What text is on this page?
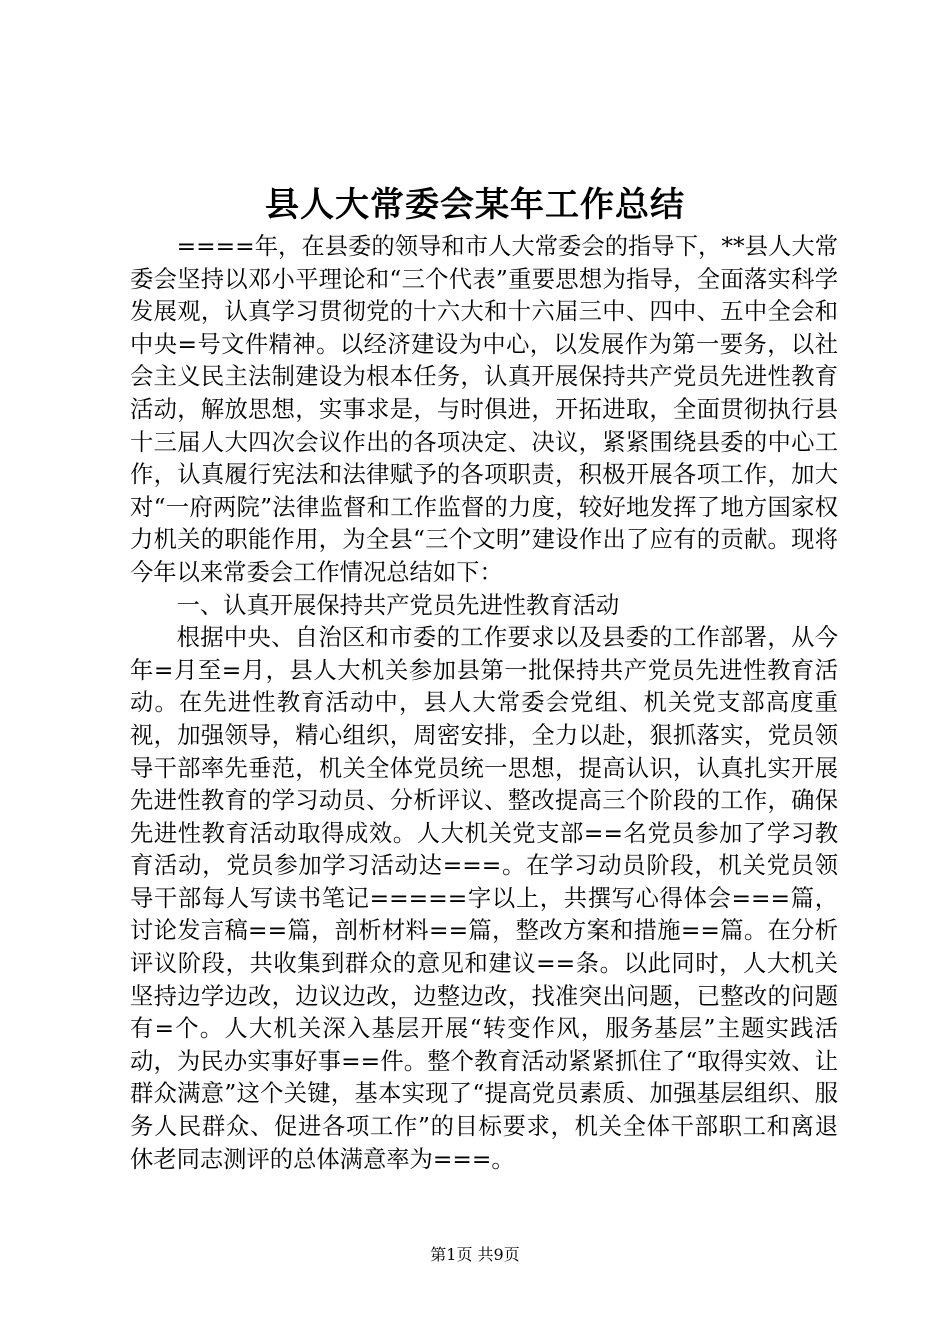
县人大常委会某年工作总结

====年，在县委的领导和市人大常委会的指导下，**县人大常委会坚持以邓小平理论和“三个代表”重要思想为指导，全面落实科学发展观，认真学习贯彻党的十六大和十六届三中、四中、五中全会和中央=号文件精神。以经济建设为中心，以发展作为第一要务，以社会主义民主法制建设为根本任务，认真开展保持共产党员先进性教育活动，解放思想，实事求是，与时俱进，开拓进取，全面贯彻执行县十三届人大四次会议作出的各项决定、决议，紧紧围绕县委的中心工作，认真履行宪法和法律赋予的各项职责，积极开展各项工作，加大对“一府两院”法律监督和工作监督的力度，较好地发挥了地方国家权力机关的职能作用，为全县“三个文明”建设作出了应有的贡献。现将今年以来常委会工作情况总结如下：

一、认真开展保持共产党员先进性教育活动

根据中央、自治区和市委的工作要求以及县委的工作部署，从今年=月至=月，县人大机关参加县第一批保持共产党员先进性教育活动。在先进性教育活动中，县人大常委会党组、机关党支部高度重视，加强领导，精心组织，周密安排，全力以赴，狠抓落实，党员领导干部率先垂范，机关全体党员统一思想，提高认识，认真扎实开展先进性教育的学习动员、分析评议、整改提高三个阶段的工作，确保先进性教育活动取得成效。人大机关党支部==名党员参加了学习教育活动，党员参加学习活动达===。在学习动员阶段，机关党员领导干部每人写读书笔记=====字以上，共撰写心得体会===篇，讨论发言稿==篇，剖析材料==篇，整改方案和措施==篇。在分析评议阶段，共收集到群众的意见和建议==条。以此同时，人大机关坚持边学边改，边议边改，边整边改，找准突出问题，已整改的问题有=个。人大机关深入基层开展“转变作风，服务基层”主题实践活动，为民办实事好事==件。整个教育活动紧紧抓住了“取得实效、让群众满意”这个关键，基本实现了“提高党员素质、加强基层组织、服务人民群众、促进各项工作”的目标要求，机关全体干部职工和离退休老同志测评的总体满意率为===。

第1页 共9页
